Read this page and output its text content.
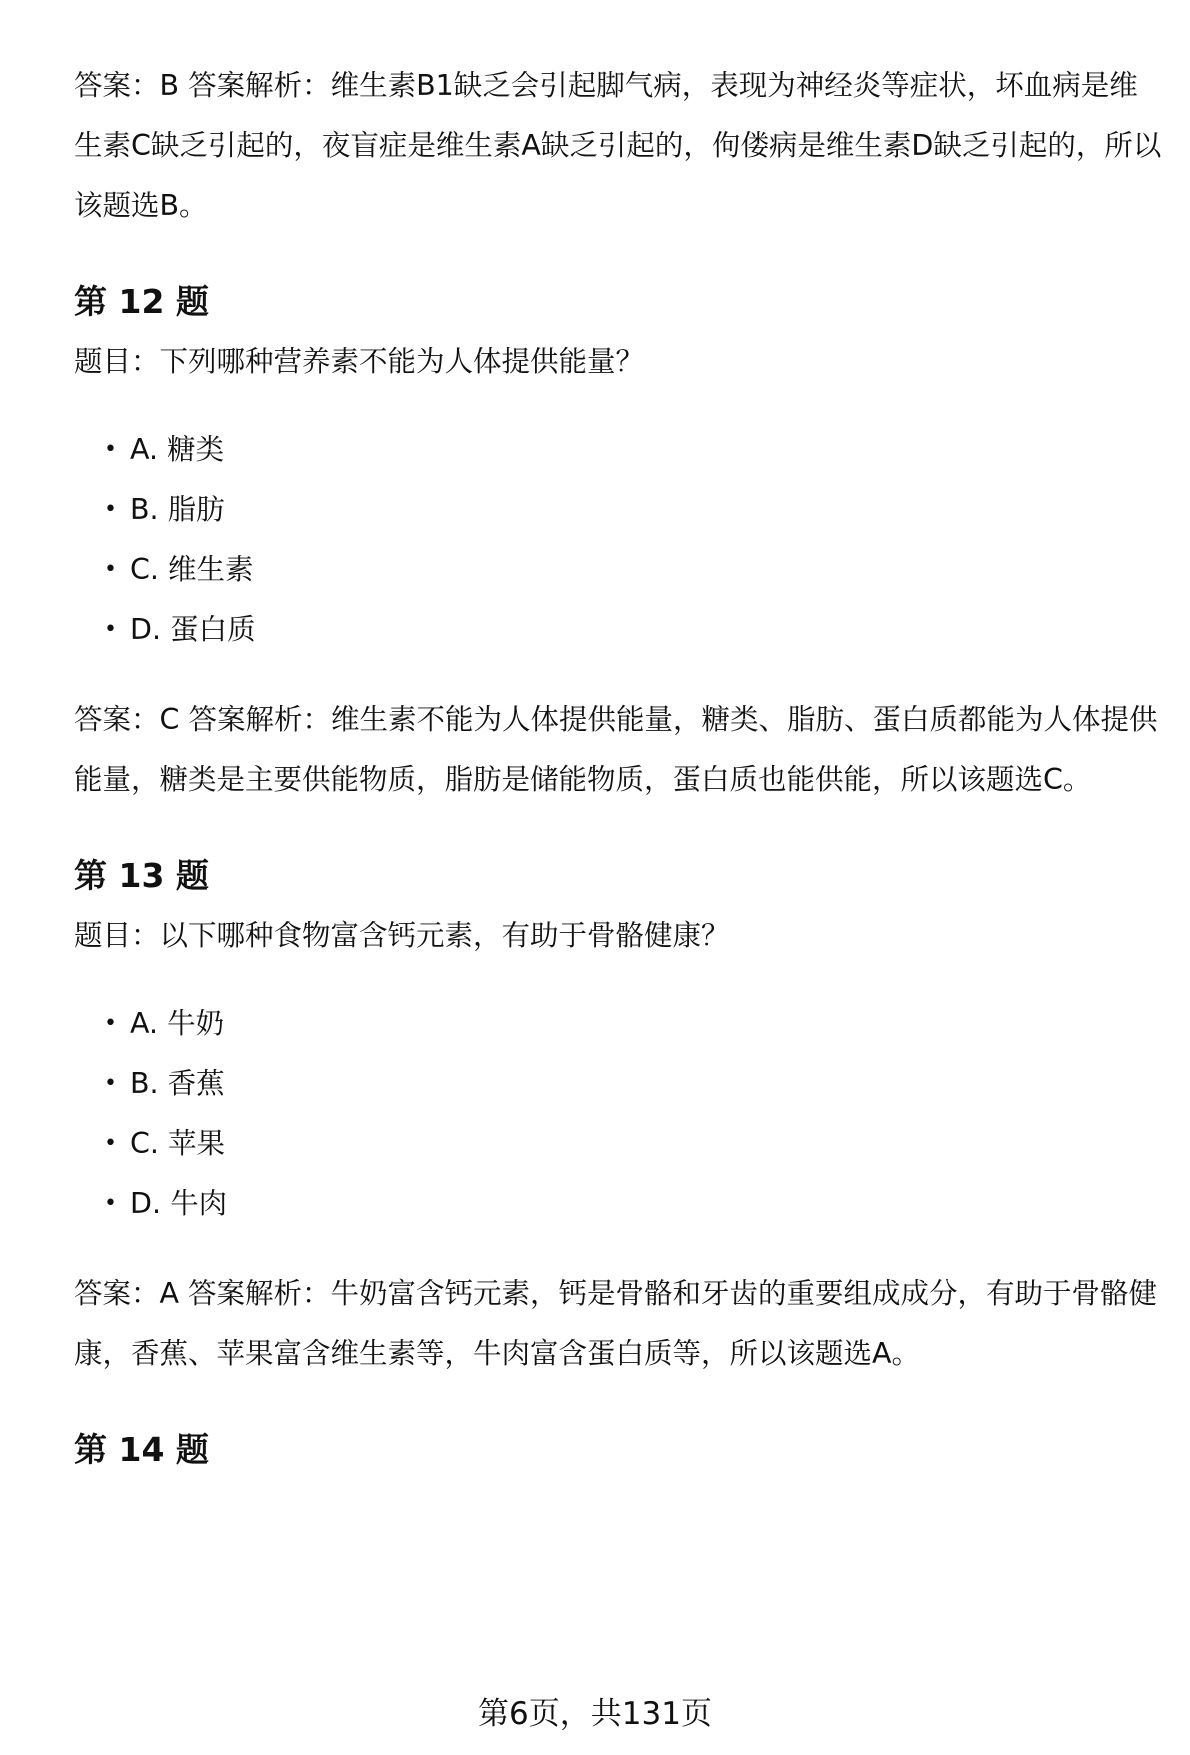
答案：B 答案解析：维生素B1缺乏会引起脚气病，表现为神经炎等症状，坏血病是维生素C缺乏引起的，夜盲症是维生素A缺乏引起的，佝偻病是维生素D缺乏引起的，所以该题选B。

第 12 题

题目：下列哪种营养素不能为人体提供能量？

• A. 糖类
• B. 脂肪
• C. 维生素
• D. 蛋白质

答案：C 答案解析：维生素不能为人体提供能量，糖类、脂肪、蛋白质都能为人体提供能量，糖类是主要供能物质，脂肪是储能物质，蛋白质也能供能，所以该题选C。

第 13 题

题目：以下哪种食物富含钙元素，有助于骨骼健康？

• A. 牛奶
• B. 香蕉
• C. 苹果
• D. 牛肉

答案：A 答案解析：牛奶富含钙元素，钙是骨骼和牙齿的重要组成成分，有助于骨骼健康，香蕉、苹果富含维生素等，牛肉富含蛋白质等，所以该题选A。

第 14 题
第6页，共131页
